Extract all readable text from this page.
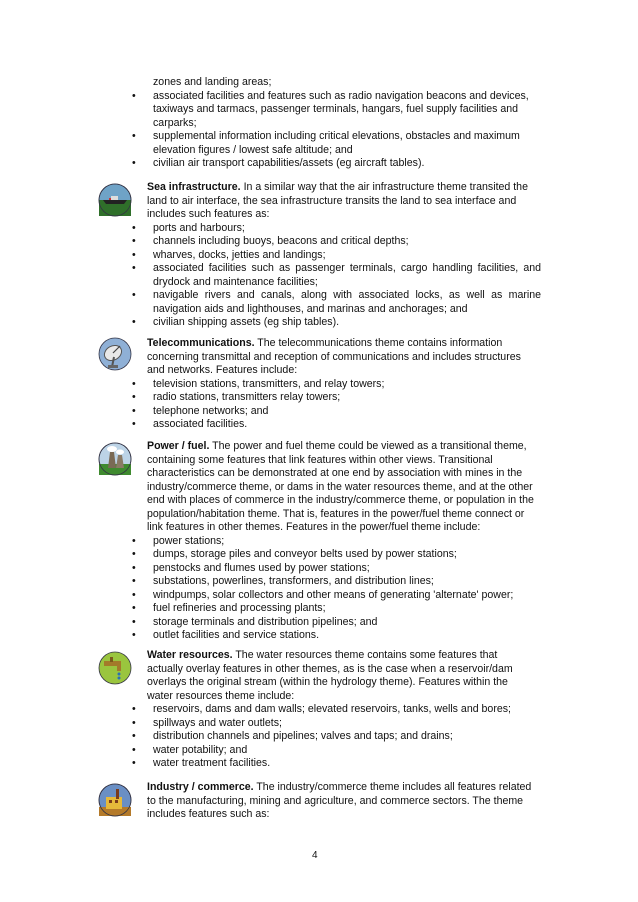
zones and landing areas;
• associated facilities and features such as radio navigation beacons and devices,
taxiways and tarmacs, passenger terminals, hangars, fuel supply facilities and
carparks;
• supplemental information including critical elevations, obstacles and maximum
elevation figures / lowest safe altitude; and
• civilian air transport capabilities/assets (eg aircraft tables).
Sea infrastructure. In a similar way that the air infrastructure theme transited the
land to air interface, the sea infrastructure transits the land to sea interface and
includes such features as:
• ports and harbours;
• channels including buoys, beacons and critical depths;
• wharves, docks, jetties and landings;
• associated facilities such as passenger terminals, cargo handling facilities, and
drydock and maintenance facilities;
• navigable rivers and canals, along with associated locks, as well as marine
navigation aids and lighthouses, and marinas and anchorages; and
• civilian shipping assets (eg ship tables).
Telecommunications. The telecommunications theme contains information
concerning transmittal and reception of communications and includes structures
and networks. Features include:
• television stations, transmitters, and relay towers;
• radio stations, transmitters relay towers;
• telephone networks; and
• associated facilities.
Power / fuel. The power and fuel theme could be viewed as a transitional theme,
containing some features that link features within other views. Transitional
characteristics can be demonstrated at one end by association with mines in the
industry/commerce theme, or dams in the water resources theme, and at the other
end with places of commerce in the industry/commerce theme, or population in the
population/habitation theme. That is, features in the power/fuel theme connect or
link features in other themes. Features in the power/fuel theme include:
• power stations;
• dumps, storage piles and conveyor belts used by power stations;
• penstocks and flumes used by power stations;
• substations, powerlines, transformers, and distribution lines;
• windpumps, solar collectors and other means of generating 'alternate' power;
• fuel refineries and processing plants;
• storage terminals and distribution pipelines; and
• outlet facilities and service stations.
Water resources. The water resources theme contains some features that
actually overlay features in other themes, as is the case when a reservoir/dam
overlays the original stream (within the hydrology theme). Features within the
water resources theme include:
• reservoirs, dams and dam walls; elevated reservoirs, tanks, wells and bores;
• spillways and water outlets;
• distribution channels and pipelines; valves and taps; and drains;
• water potability; and
• water treatment facilities.
Industry / commerce. The industry/commerce theme includes all features related
to the manufacturing, mining and agriculture, and commerce sectors. The theme
includes features such as:
4
